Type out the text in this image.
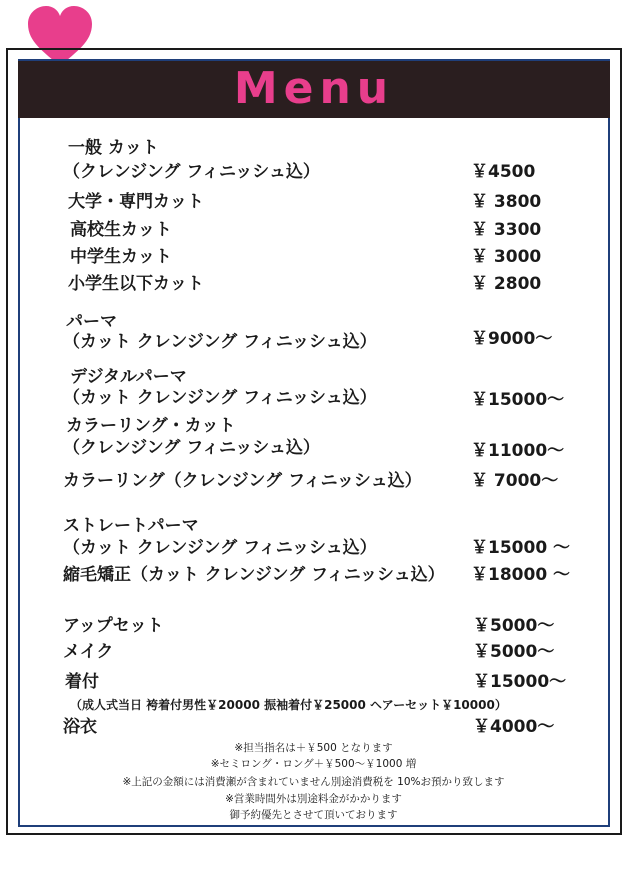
Menu
一般 カット
（クレンジング フィニッシュ込）	￥4500
大学・専門カット	￥ 3800
高校生カット	￥ 3300
中学生カット	￥ 3000
小学生以下カット	￥ 2800
パーマ
（カット クレンジング フィニッシュ込）	￥9000～
デジタルパーマ
（カット クレンジング フィニッシュ込）	￥15000～
カラーリング・カット
（クレンジング フィニッシュ込）	￥11000～
カラーリング（クレンジング フィニッシュ込）	￥ 7000～
ストレートパーマ
（カット クレンジング フィニッシュ込）	￥15000 ～
縮毛矯正（カット クレンジング フィニッシュ込） ￥18000 ～
アップセット	￥5000～
メイク	￥5000～
着付	￥15000～
（成人式当日 袴着付男性￥20000 振袖着付￥25000 ヘアーセット￥10000）
浴衣	￥4000～
※担当指名は＋￥500 となります
※セミロング・ロング＋￥500～￥1000 増
※上記の金額には消費瀬が含まれていません別途消費税を 10%お預かり致します
※営業時間外は別途料金がかかります
御予約優先とさせて頂いております
